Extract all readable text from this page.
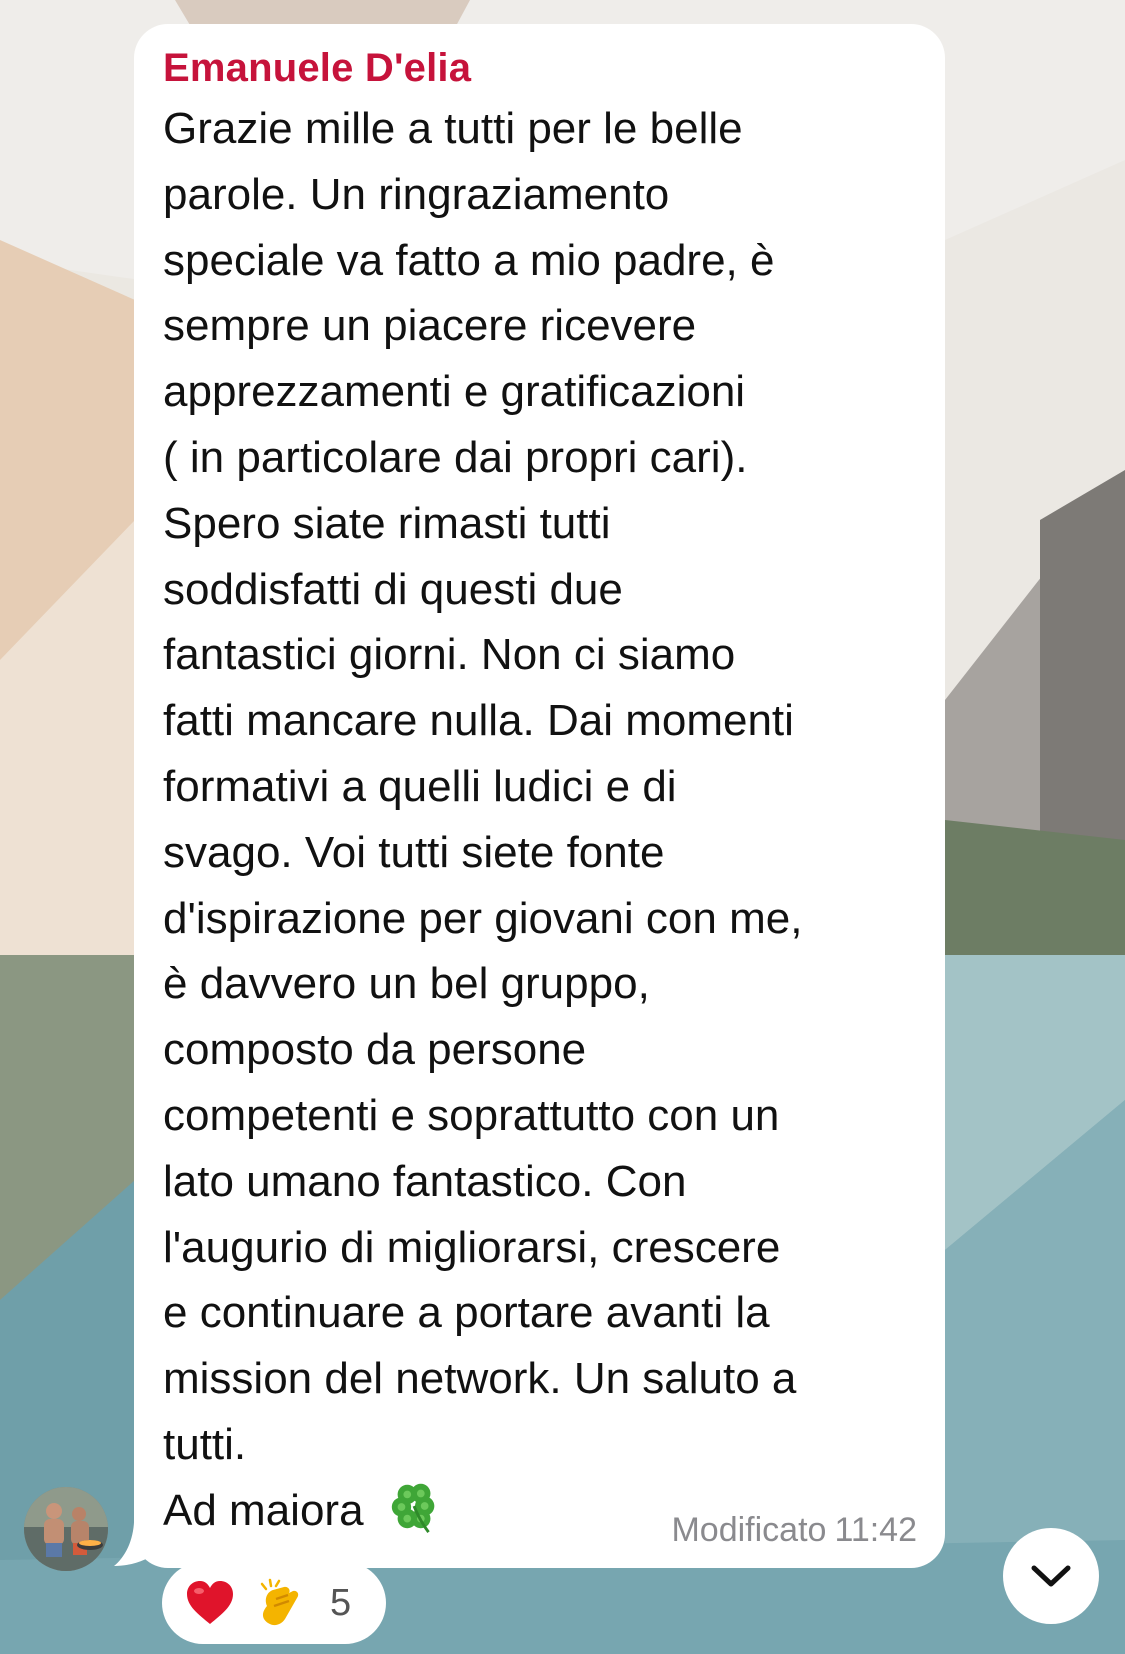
Emanuele D'elia
Grazie mille a tutti per le belle
parole. Un ringraziamento
speciale va fatto a mio padre, è
sempre un piacere ricevere
apprezzamenti e gratificazioni
( in particolare dai propri cari).
Spero siate rimasti tutti
soddisfatti di questi due
fantastici giorni. Non ci siamo
fatti mancare nulla. Dai momenti
formativi a quelli ludici e di
svago. Voi tutti siete fonte
d'ispirazione per giovani con me,
è davvero un bel gruppo,
composto da persone
competenti e soprattutto con un
lato umano fantastico. Con
l'augurio di migliorarsi, crescere
e continuare a portare avanti la
mission del network. Un saluto a
tutti.
Ad maiora	Modificato 11:42
5
